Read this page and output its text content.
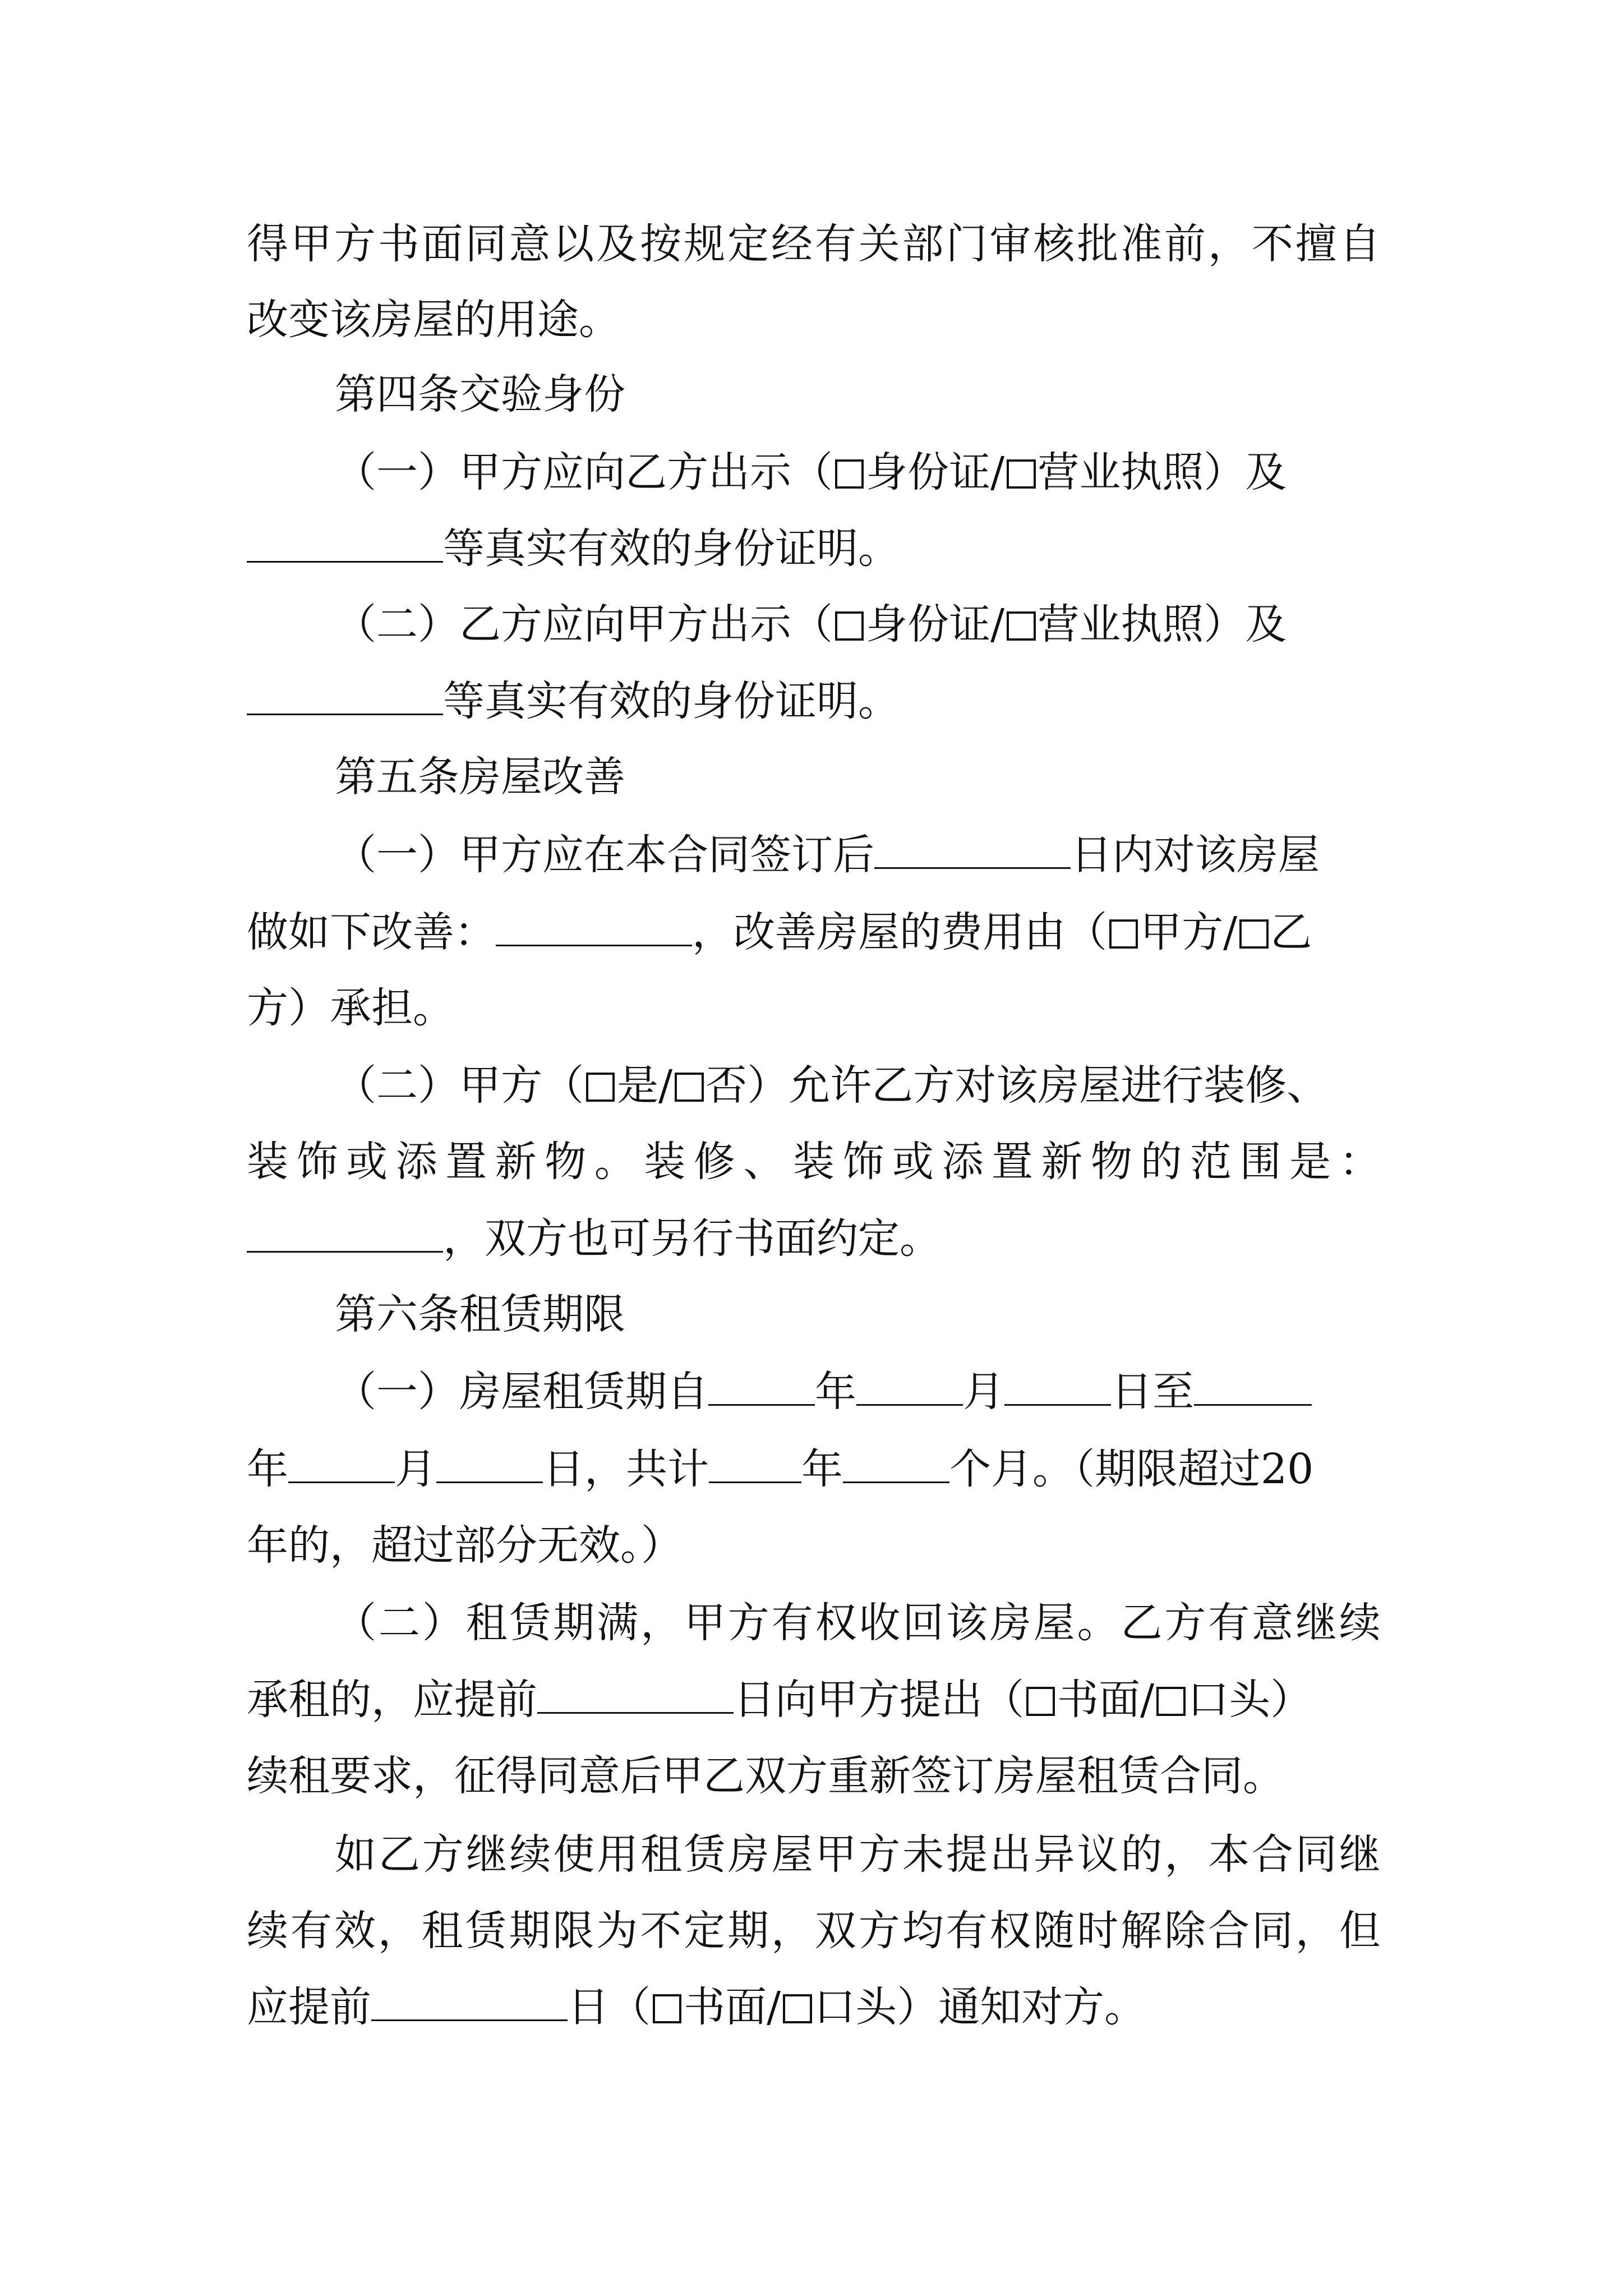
得 甲 方 书 面 同 意 以 及 按 规 定 经 有 关 部 门 审 核 批 准 前 ， 不 擅 自
改变该房屋的用途。
第四条交验身份
（一）甲方应向乙方出示（ 身份证/ 营业执照）及
等真实有效的身份证明。
（二）乙方应向甲方出示（ 身份证/ 营业执照）及
等真实有效的身份证明。
第五条房屋改善
（一）甲方应在本合同签订后	日内对该房屋
做如下改善：	，改善房屋的费用由（ 甲方/ 乙
方）承担。
（二）甲方（ 是/ 否）允许乙方对该房屋进行装修、
装 饰 或 添 置 新 物 。 装 修 、 装 饰 或 添 置 新 物 的 范 围 是 ：
，双方也可另行书面约定。
第六条租赁期限
（一）房屋租赁期自	年	月	日至
年	月	日，共计 年	个月。（期限超过20
年的，超过部分无效。）
（ 二 ） 租 赁 期 满 ， 甲 方 有 权 收 回 该 房 屋 。 乙 方 有 意 继 续
承租的，应提前	日向甲方提出（ 书面/ 口头）
续租要求，征得同意后甲乙双方重新签订房屋租赁合同。
如 乙 方 继 续 使 用 租 赁 房 屋 甲 方 未 提 出 异 议 的 ， 本 合 同 继
续 有 效 ， 租 赁 期 限 为 不 定 期 ， 双 方 均 有 权 随 时 解 除 合 同 ， 但
应提前	日（ 书面/ 口头）通知对方。
